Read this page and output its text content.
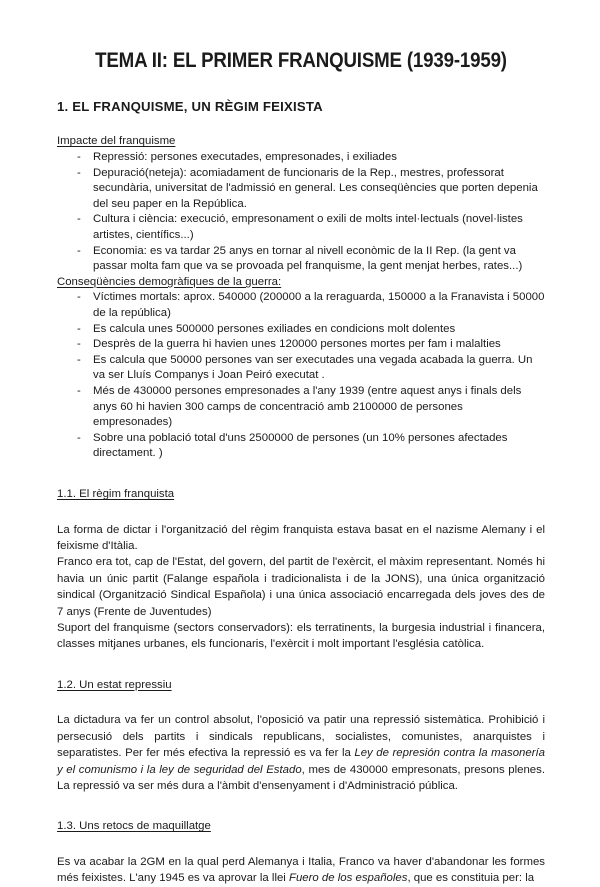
TEMA II: EL PRIMER FRANQUISME (1939-1959)
1. EL FRANQUISME, UN RÈGIM FEIXISTA
Impacte del franquisme
- Repressió: persones executades, empresonades, i exiliades
- Depuració(neteja): acomiadament de funcionaris de la Rep., mestres, professorat secundària, universitat de l'admissió en general. Les conseqüències que porten depenia del seu paper en la República.
- Cultura i ciència: execució, empresonament o exili de molts intel·lectuals (novel·listes artistes, científics...)
- Economia: es va tardar 25 anys en tornar al nivell econòmic de la II Rep. (la gent va passar molta fam que va se provoada pel franquisme, la gent menjat herbes, rates...)
Conseqüències demogràfiques de la guerra:
- Víctimes mortals: aprox. 540000 (200000 a la reraguarda, 150000 a la Franavista i 50000 de la república)
- Es calcula unes 500000 persones exiliades en condicions molt dolentes
- Desprès de la guerra hi havien unes 120000 persones mortes per fam i malalties
- Es calcula que 50000 persones van ser executades una vegada acabada la guerra. Un va ser Lluís Companys i Joan Peiró executat .
- Més de 430000 persones empresonades a l'any 1939 (entre aquest anys i finals dels anys 60 hi havien 300 camps de concentració amb 2100000 de persones empresonades)
- Sobre una població total d'uns 2500000 de persones (un 10% persones afectades directament. )
1.1. El règim franquista

La forma de dictar i l'organització del règim franquista estava basat en el nazisme Alemany i el feixisme d'Itàlia.

Franco era tot, cap de l'Estat, del govern, del partit de l'exèrcit, el màxim representant. Només hi havia un únic partit (Falange española i tradicionalista i de la JONS), una única organització sindical (Organització Sindical Española) i una única associació encarregada dels joves des de 7 anys (Frente de Juventudes)

Suport del franquisme (sectors conservadors): els terratinents, la burgesia industrial i financera, classes mitjanes urbanes, els funcionaris, l'exèrcit i molt important l'església catòlica.

1.2. Un estat repressiu

La dictadura va fer un control absolut, l'oposició va patir una repressió sistemàtica. Prohibició i persecusió dels partits i sindicals republicans, socialistes, comunistes, anarquistes i separatistes. Per fer més efectiva la repressió es va fer la Ley de represión contra la masonería y el comunismo i la ley de seguridad del Estado, mes de 430000 empresonats, presons plenes. La repressió va ser més dura a l'àmbit d'ensenyament i d'Administració pública.

1.3. Uns retocs de maquillatge

Es va acabar la 2GM en la qual perd Alemanya i Italia, Franco va haver d'abandonar les formes més feixistes. L'any 1945 es va aprovar la llei Fuero de los españoles, que es constituia per: la
